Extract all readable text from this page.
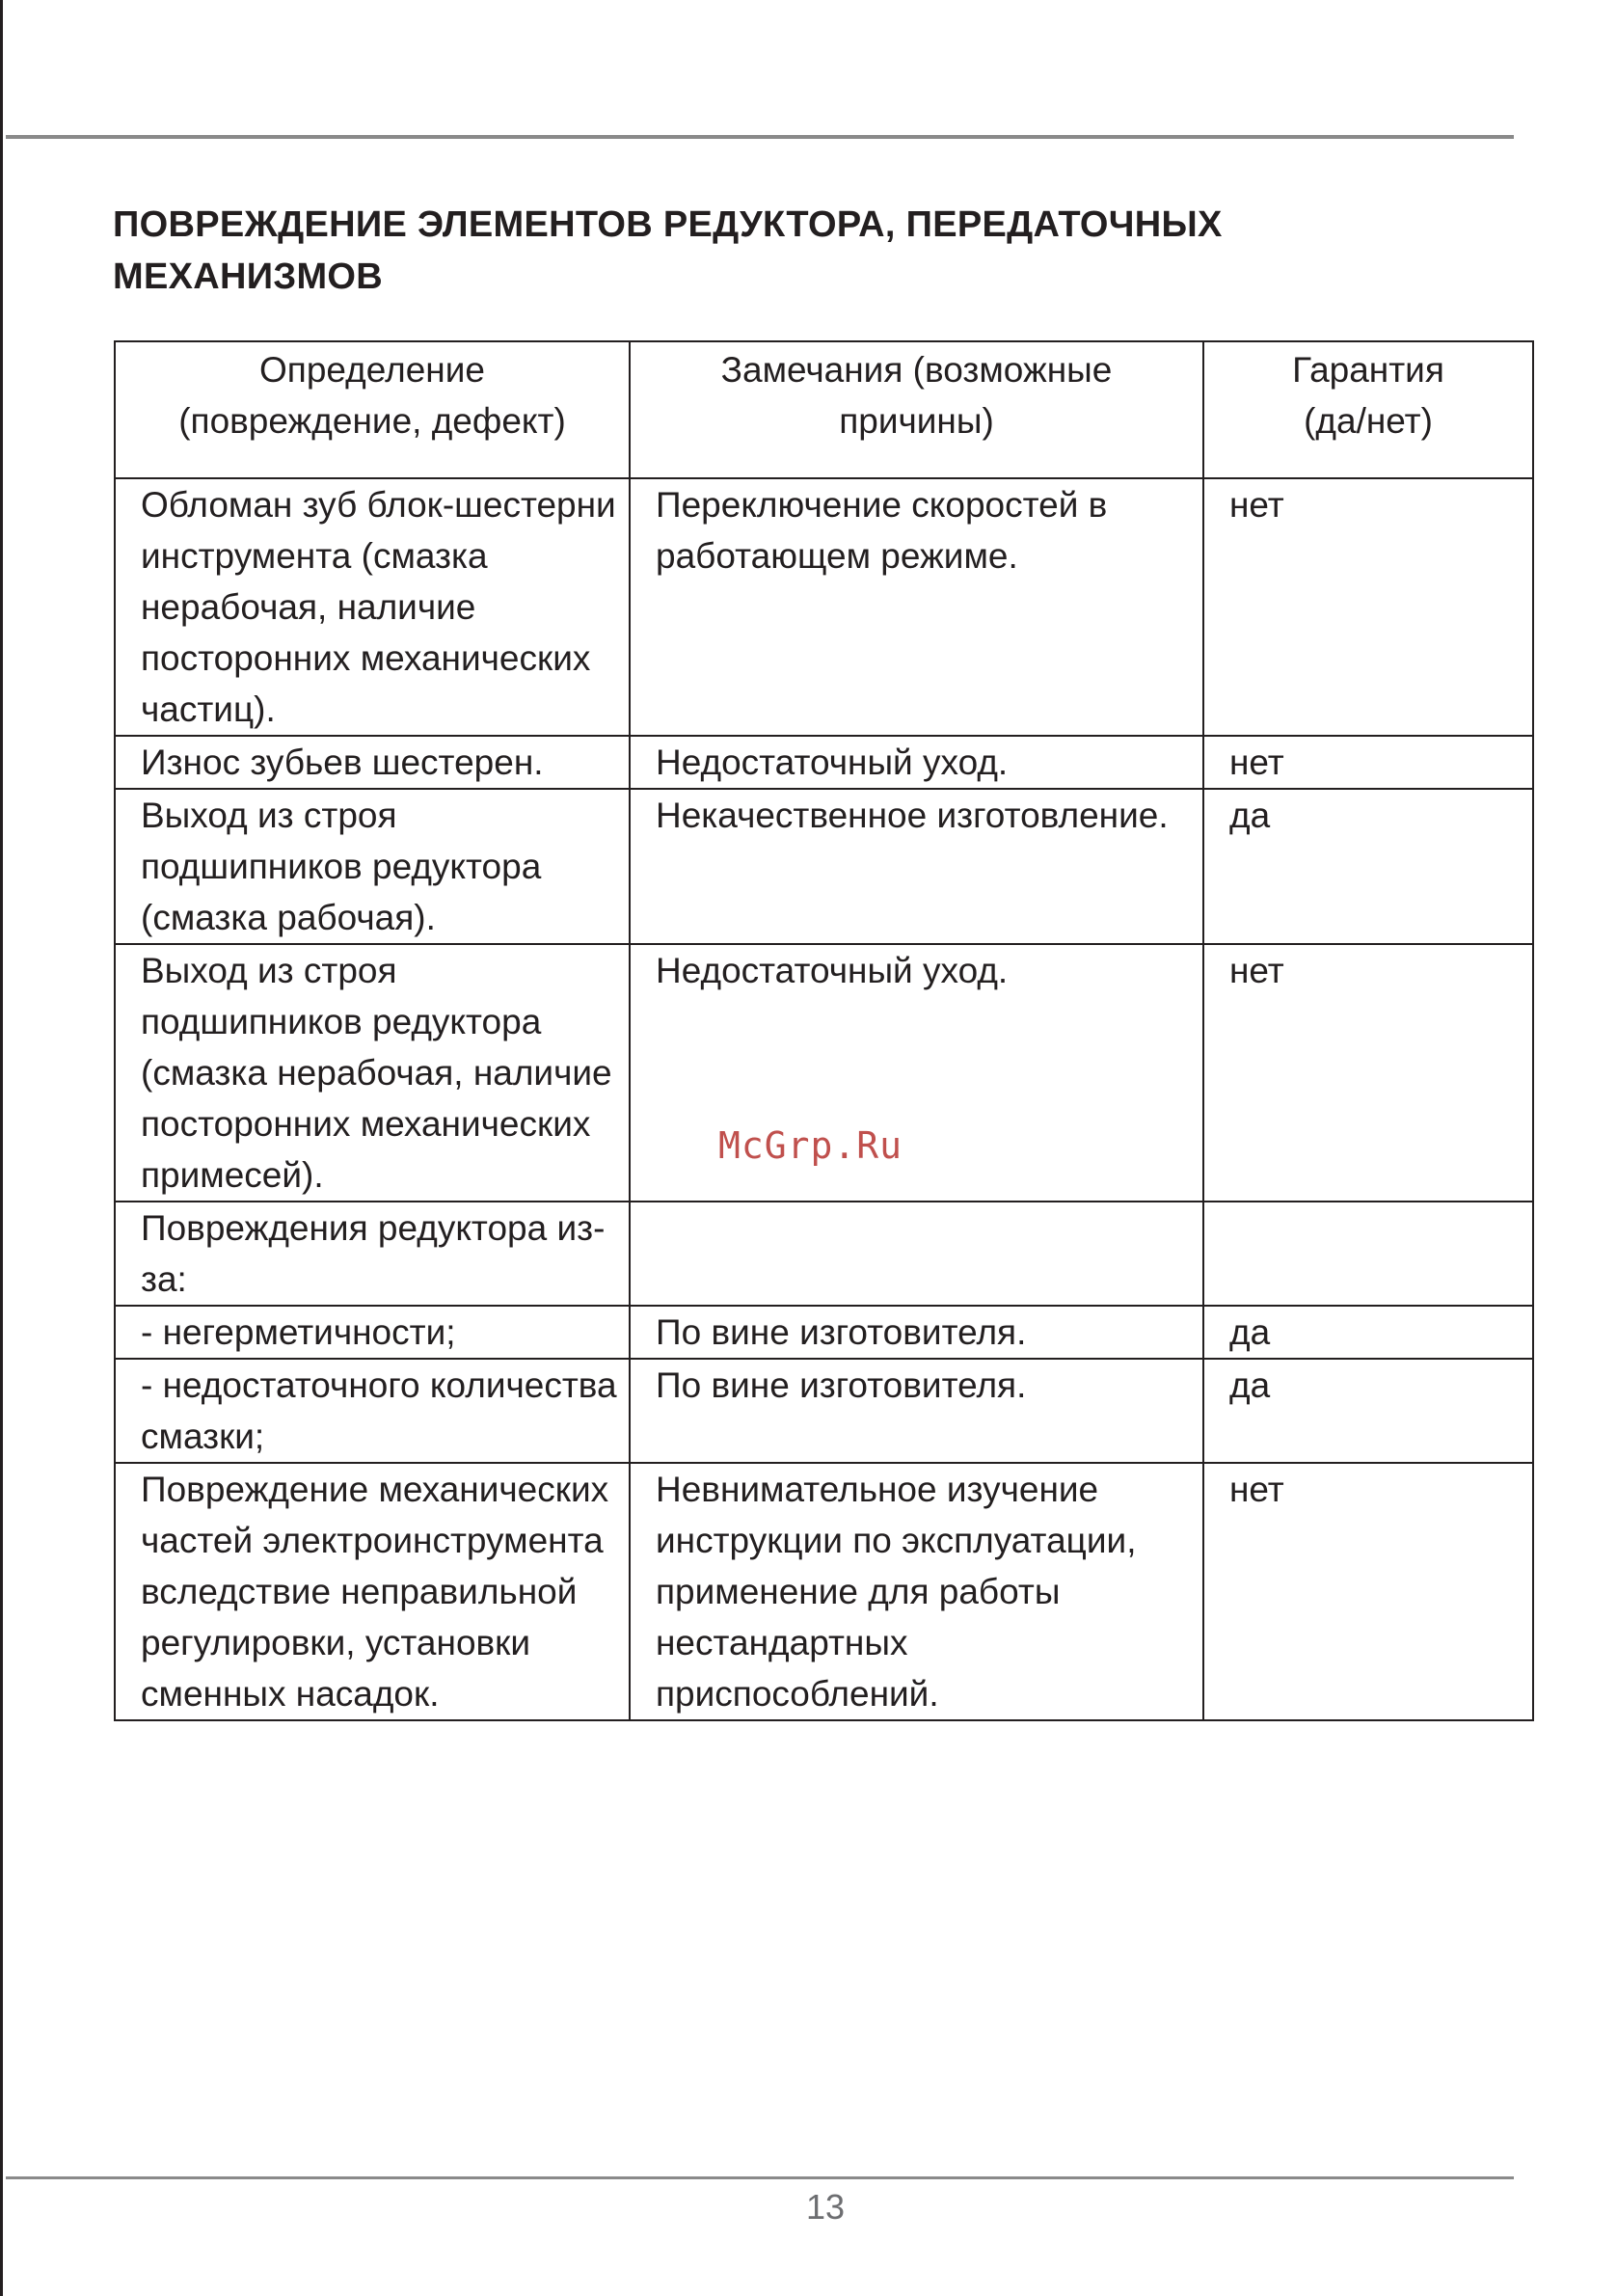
ПОВРЕЖДЕНИЕ ЭЛЕМЕНТОВ РЕДУКТОРА, ПЕРЕДАТОЧНЫХ МЕХАНИЗМОВ
Определение (повреждение, дефект)	Замечания (возможные причины)	Гарантия (да/нет)
Обломан зуб блок-шестерни инструмента (смазка нерабочая, наличие посторонних механических частиц).	Переключение скоростей в работающем режиме.	нет
Износ зубьев шестерен.	Недостаточный уход.	нет
Выход из строя подшипников редуктора (смазка рабочая).	Некачественное изготовление.	да
Выход из строя подшипников редуктора (смазка нерабочая, наличие посторонних механических примесей).	Недостаточный уход.	нет
Повреждения редуктора из-за:		
- негерметичности;	По вине изготовителя.	да
- недостаточного количества смазки;	По вине изготовителя.	да
Повреждение механических частей электроинструмента вследствие неправильной регулировки, установки сменных насадок.	Невнимательное изучение инструкции по эксплуатации, применение для работы нестандартных приспособлений.	нет
McGrp.Ru
13
